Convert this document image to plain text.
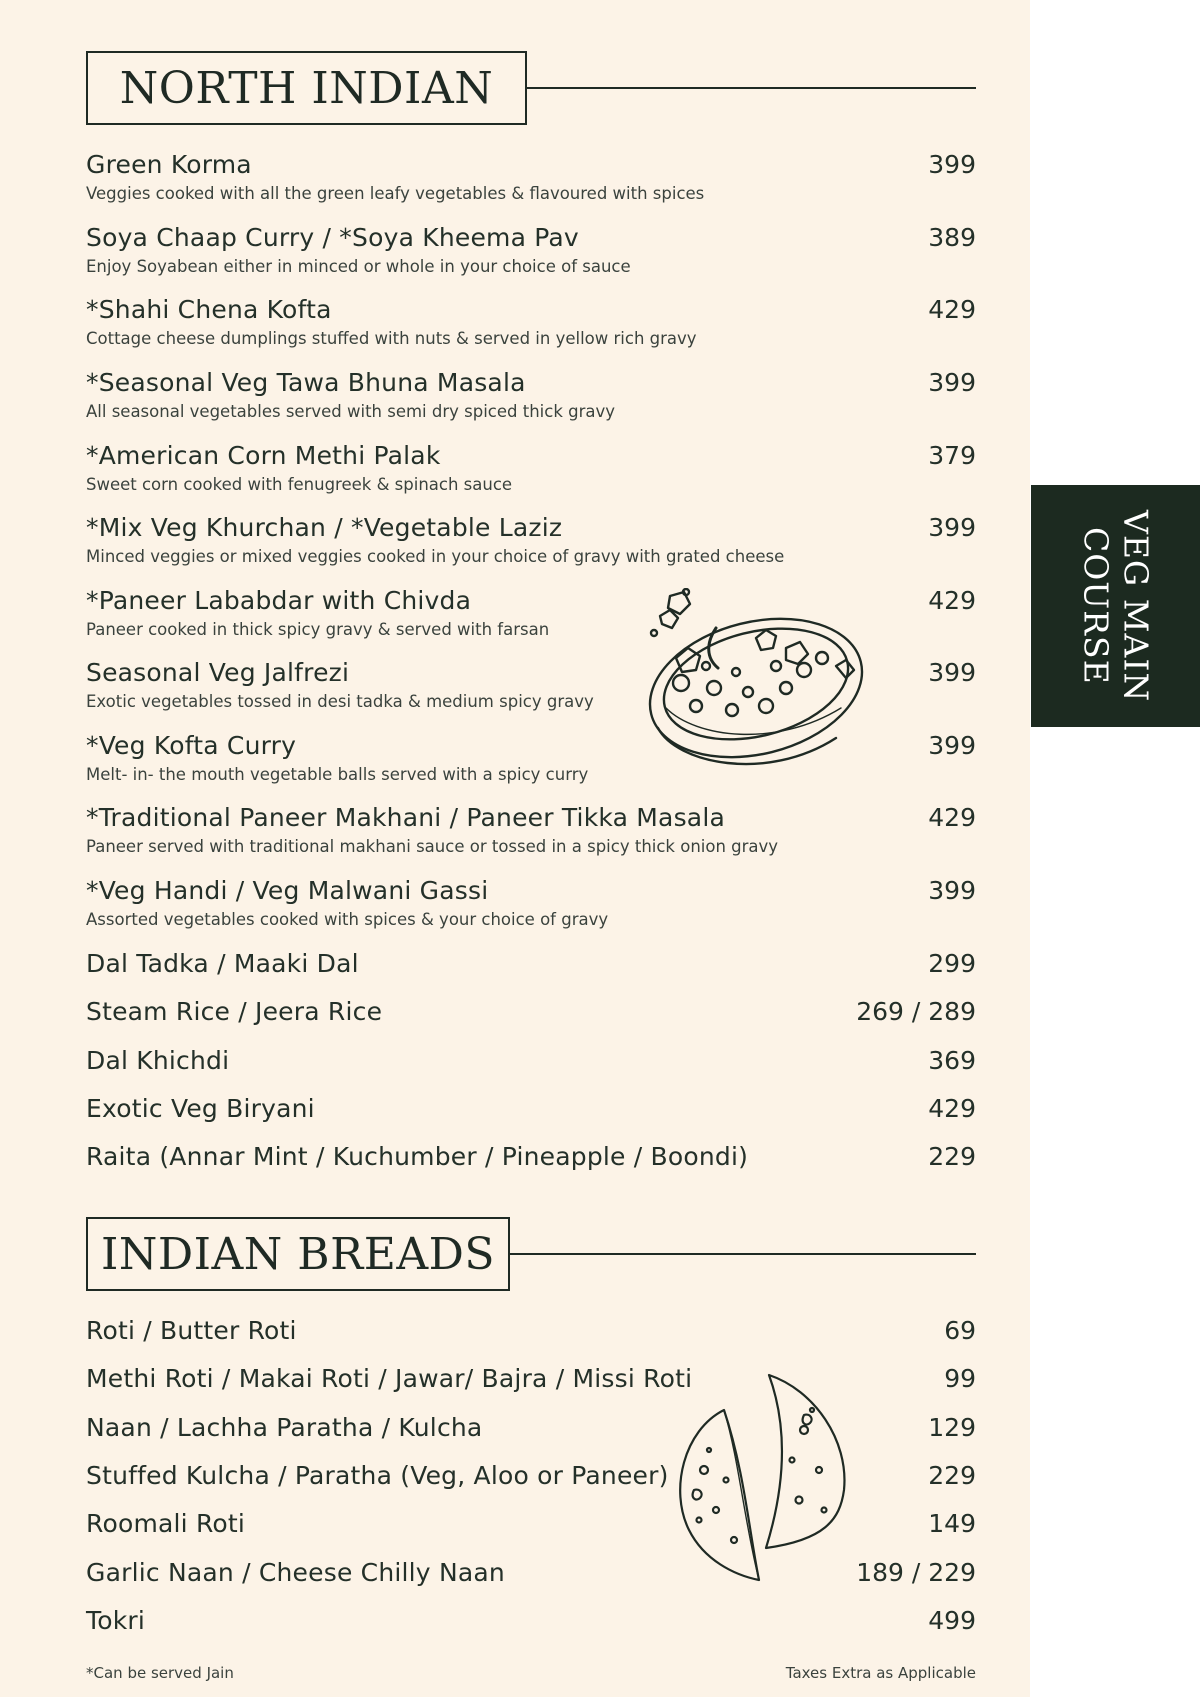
NORTH INDIAN
Green Korma
Veggies cooked with all the green leafy vegetables & flavoured with spices
399
Soya Chaap Curry / *Soya Kheema Pav
Enjoy Soyabean either in minced or whole in your choice of sauce
389
*Shahi Chena Kofta
Cottage cheese dumplings stuffed with nuts & served in yellow rich gravy
429
*Seasonal Veg Tawa Bhuna Masala
All seasonal vegetables served with semi dry spiced thick gravy
399
*American Corn Methi Palak
Sweet corn cooked with fenugreek & spinach sauce
379
*Mix Veg Khurchan / *Vegetable Laziz
Minced veggies or mixed veggies cooked in your choice of gravy with grated cheese
399
*Paneer Lababdar with Chivda
Paneer cooked in thick spicy gravy & served with farsan
429
Seasonal Veg Jalfrezi
Exotic vegetables tossed in desi tadka & medium spicy gravy
399
*Veg Kofta Curry
Melt- in- the mouth vegetable balls served with a spicy curry
399
*Traditional Paneer Makhani / Paneer Tikka Masala
Paneer served with traditional makhani sauce or tossed in a spicy thick onion gravy
429
*Veg Handi / Veg Malwani Gassi
Assorted vegetables cooked with spices & your choice of gravy
399
Dal Tadka / Maaki Dal	299
Steam Rice / Jeera Rice	269 / 289
Dal Khichdi	369
Exotic Veg Biryani	429
Raita (Annar Mint / Kuchumber / Pineapple / Boondi)	229
INDIAN BREADS
Roti / Butter Roti	69
Methi Roti / Makai Roti / Jawar/ Bajra / Missi Roti	99
Naan / Lachha Paratha / Kulcha	129
Stuffed Kulcha / Paratha (Veg, Aloo or Paneer)	229
Roomali Roti	149
Garlic Naan / Cheese Chilly Naan	189 / 229
Tokri	499
*Can be served Jain	Taxes Extra as Applicable
VEG MAIN
COURSE
